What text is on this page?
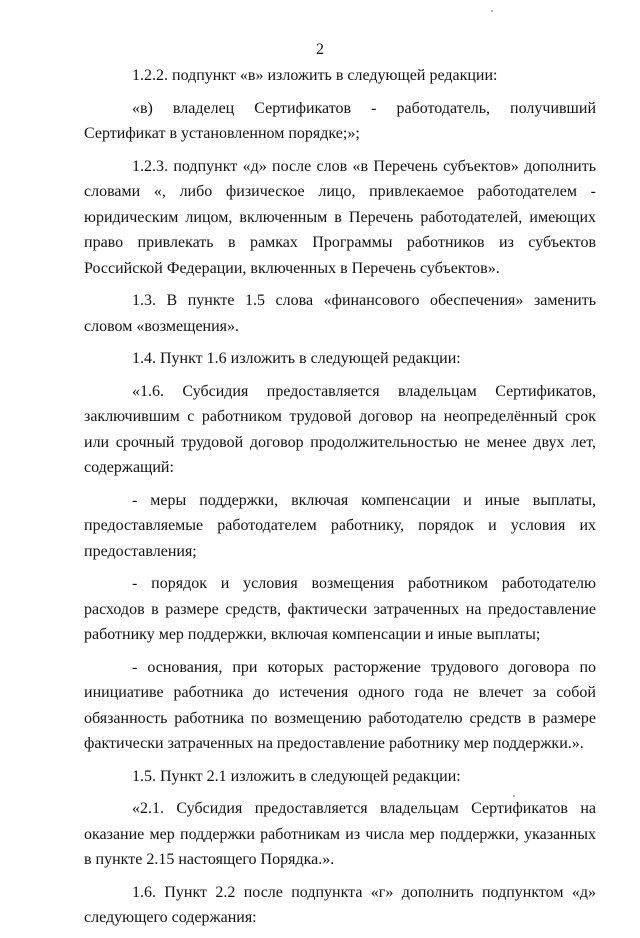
2

1.2.2. подпункт «в» изложить в следующей редакции:

«в) владелец Сертификатов - работодатель, получивший Сертификат в установленном порядке;»;

1.2.3. подпункт «д» после слов «в Перечень субъектов» дополнить словами «, либо физическое лицо, привлекаемое работодателем - юридическим лицом, включенным в Перечень работодателей, имеющих право привлекать в рамках Программы работников из субъектов Российской Федерации, включенных в Перечень субъектов».

1.3. В пункте 1.5 слова «финансового обеспечения» заменить словом «возмещения».

1.4. Пункт 1.6 изложить в следующей редакции:

«1.6. Субсидия предоставляется владельцам Сертификатов, заключившим с работником трудовой договор на неопределённый срок или срочный трудовой договор продолжительностью не менее двух лет, содержащий:

- меры поддержки, включая компенсации и иные выплаты, предоставляемые работодателем работнику, порядок и условия их предоставления;

- порядок и условия возмещения работником работодателю расходов в размере средств, фактически затраченных на предоставление работнику мер поддержки, включая компенсации и иные выплаты;

- основания, при которых расторжение трудового договора по инициативе работника до истечения одного года не влечет за собой обязанность работника по возмещению работодателю средств в размере фактически затраченных на предоставление работнику мер поддержки.».

1.5. Пункт 2.1 изложить в следующей редакции:

«2.1. Субсидия предоставляется владельцам Сертификатов на оказание мер поддержки работникам из числа мер поддержки, указанных в пункте 2.15 настоящего Порядка.».

1.6. Пункт 2.2 после подпункта «г» дополнить подпунктом «д» следующего содержания:
